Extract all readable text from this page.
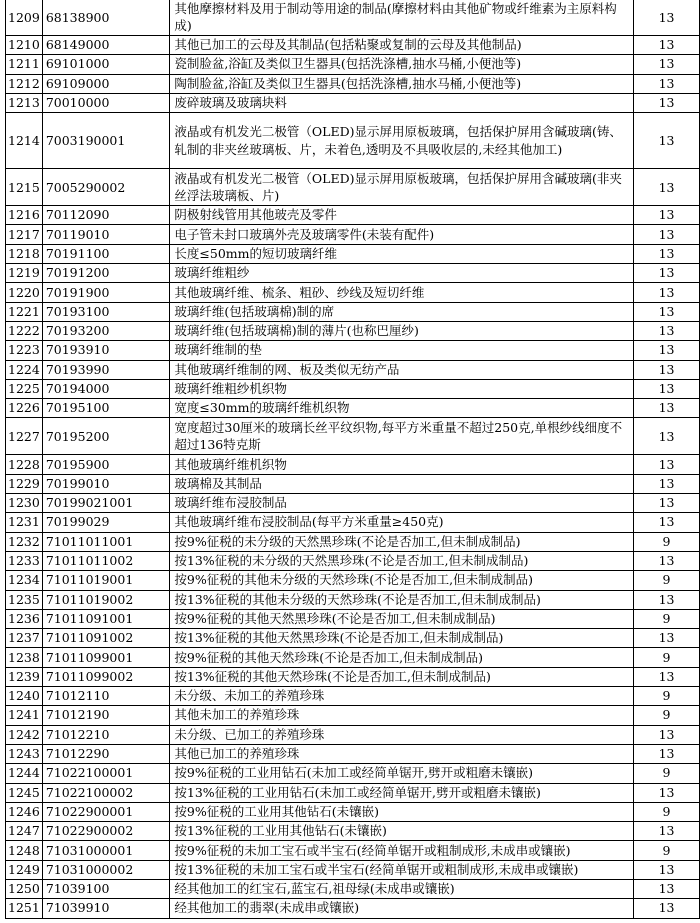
1209	68138900	其他摩擦材料及用于制动等用途的制品(摩擦材料由其他矿物或纤维素为主原料构成)	13
1210	68149000	其他已加工的云母及其制品(包括粘聚或复制的云母及其他制品)	13
1211	69101000	瓷制脸盆,浴缸及类似卫生器具(包括洗涤槽,抽水马桶,小便池等)	13
1212	69109000	陶制脸盆,浴缸及类似卫生器具(包括洗涤槽,抽水马桶,小便池等)	13
1213	70010000	废碎玻璃及玻璃块料	13
1214	7003190001	液晶或有机发光二极管（OLED)显示屏用原板玻璃，包括保护屏用含碱玻璃(铸、轧制的非夹丝玻璃板、片，未着色,透明及不具吸收层的,未经其他加工)	13
1215	7005290002	液晶或有机发光二极管（OLED)显示屏用原板玻璃，包括保护屏用含碱玻璃(非夹丝浮法玻璃板、片)	13
1216	70112090	阴极射线管用其他玻壳及零件	13
1217	70119010	电子管未封口玻璃外壳及玻璃零件(未装有配件)	13
1218	70191100	长度≤50mm的短切玻璃纤维	13
1219	70191200	玻璃纤维粗纱	13
1220	70191900	其他玻璃纤维、梳条、粗砂、纱线及短切纤维	13
1221	70193100	玻璃纤维(包括玻璃棉)制的席	13
1222	70193200	玻璃纤维(包括玻璃棉)制的薄片(也称巴厘纱)	13
1223	70193910	玻璃纤维制的垫	13
1224	70193990	其他玻璃纤维制的网、板及类似无纺产品	13
1225	70194000	玻璃纤维粗纱机织物	13
1226	70195100	宽度≤30mm的玻璃纤维机织物	13
1227	70195200	宽度超过30厘米的玻璃长丝平纹织物,每平方米重量不超过250克,单根纱线细度不超过136特克斯	13
1228	70195900	其他玻璃纤维机织物	13
1229	70199010	玻璃棉及其制品	13
1230	70199021001	玻璃纤维布浸胶制品	13
1231	70199029	其他玻璃纤维布浸胶制品(每平方米重量≥450克)	13
1232	71011011001	按9%征税的未分级的天然黑珍珠(不论是否加工,但未制成制品)	9
1233	71011011002	按13%征税的未分级的天然黑珍珠(不论是否加工,但未制成制品)	13
1234	71011019001	按9%征税的其他未分级的天然珍珠(不论是否加工,但未制成制品)	9
1235	71011019002	按13%征税的其他未分级的天然珍珠(不论是否加工,但未制成制品)	13
1236	71011091001	按9%征税的其他天然黑珍珠(不论是否加工,但未制成制品)	9
1237	71011091002	按13%征税的其他天然黑珍珠(不论是否加工,但未制成制品)	13
1238	71011099001	按9%征税的其他天然珍珠(不论是否加工,但未制成制品)	9
1239	71011099002	按13%征税的其他天然珍珠(不论是否加工,但未制成制品)	13
1240	71012110	未分级、未加工的养殖珍珠	9
1241	71012190	其他未加工的养殖珍珠	9
1242	71012210	未分级、已加工的养殖珍珠	13
1243	71012290	其他已加工的养殖珍珠	13
1244	71022100001	按9%征税的工业用钻石(未加工或经简单锯开,劈开或粗磨未镶嵌)	9
1245	71022100002	按13%征税的工业用钻石(未加工或经简单锯开,劈开或粗磨未镶嵌)	13
1246	71022900001	按9%征税的工业用其他钻石(未镶嵌)	9
1247	71022900002	按13%征税的工业用其他钻石(未镶嵌)	13
1248	71031000001	按9%征税的未加工宝石或半宝石(经简单锯开或粗制成形,未成串或镶嵌)	9
1249	71031000002	按13%征税的未加工宝石或半宝石(经简单锯开或粗制成形,未成串或镶嵌)	13
1250	71039100	经其他加工的红宝石,蓝宝石,祖母绿(未成串或镶嵌)	13
1251	71039910	经其他加工的翡翠(未成串或镶嵌)	13
